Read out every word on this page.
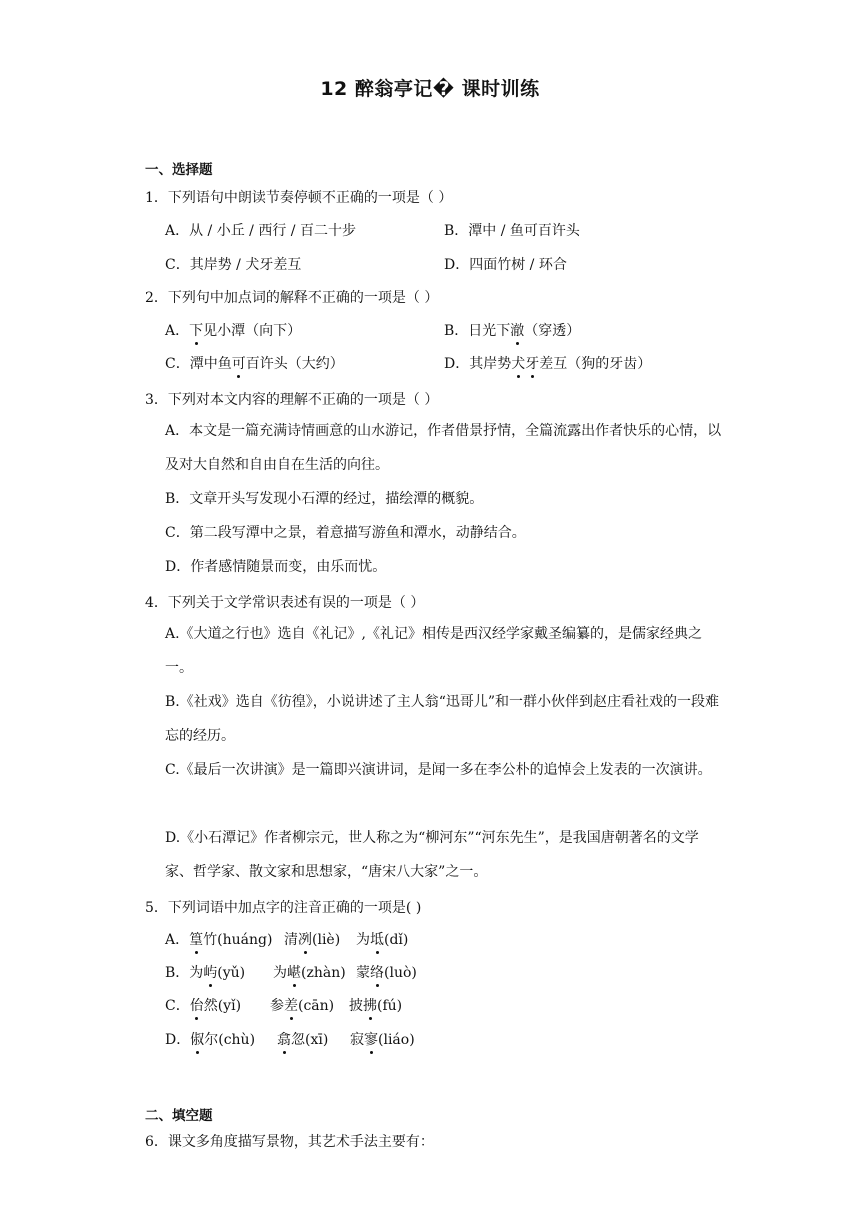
12 醉翁亭记� 课时训练
一、选择题
1．下列语句中朗读节奏停顿不正确的一项是（ ）
A．从 / 小丘 / 西行 / 百二十步	B．潭中 / 鱼可百许头
C．其岸势 / 犬牙差互	D．四面竹树 / 环合
2．下列句中加点词的解释不正确的一项是（ ）
A．下见小潭（向下）	B．日光下澈（穿透）
C．潭中鱼可百许头（大约）	D．其岸势犬牙差互（狗的牙齿）
3．下列对本文内容的理解不正确的一项是（ ）
A．本文是一篇充满诗情画意的山水游记，作者借景抒情，全篇流露出作者快乐的心情，以及对大自然和自由自在生活的向往。
B．文章开头写发现小石潭的经过，描绘潭的概貌。
C．第二段写潭中之景，着意描写游鱼和潭水，动静结合。
D．作者感情随景而变，由乐而忧。
4．下列关于文学常识表述有误的一项是（ ）
A.《大道之行也》选自《礼记》,《礼记》相传是西汉经学家戴圣编纂的，是儒家经典之一。
B.《社戏》选自《彷徨》，小说讲述了主人翁“迅哥儿”和一群小伙伴到赵庄看社戏的一段难忘的经历。
C.《最后一次讲演》是一篇即兴演讲词，是闻一多在李公朴的追悼会上发表的一次演讲。
D.《小石潭记》作者柳宗元，世人称之为“柳河东”“河东先生”，是我国唐朝著名的文学家、哲学家、散文家和思想家，“唐宋八大家”之一。
5．下列词语中加点字的注音正确的一项是( )
A．篁竹(huáng) 清冽(liè) 为坻(dǐ)
B．为屿(yǔ) 为嵁(zhàn) 蒙络(luò)
C．佁然(yǐ) 参差(cān) 披拂(fú)
D．俶尔(chù) 翕忽(xī) 寂寥(liáo)
二、填空题
6．课文多角度描写景物，其艺术手法主要有：
